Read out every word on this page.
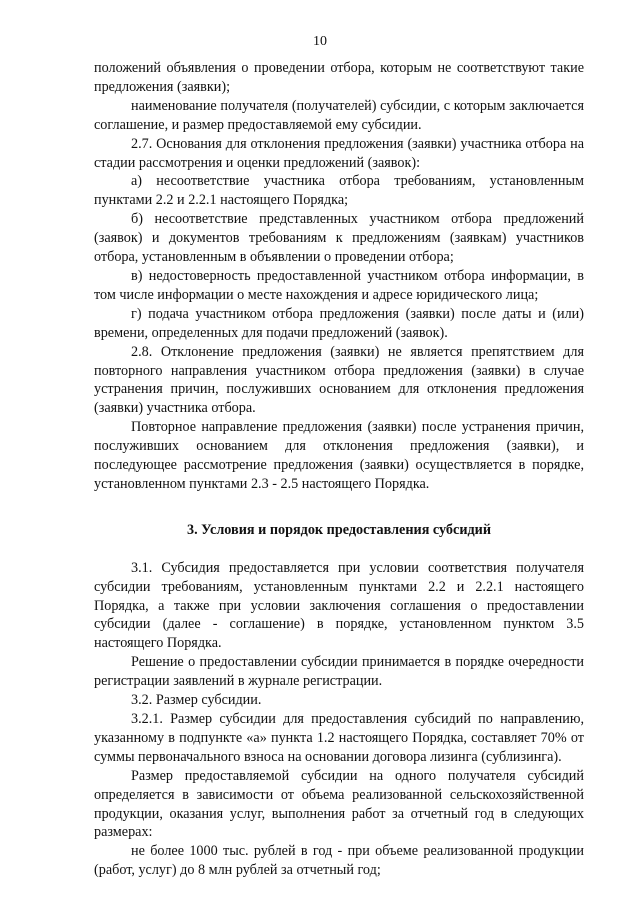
10

положений объявления о проведении отбора, которым не соответствуют такие предложения (заявки);

наименование получателя (получателей) субсидии, с которым заключается соглашение, и размер предоставляемой ему субсидии.

2.7. Основания для отклонения предложения (заявки) участника отбора на стадии рассмотрения и оценки предложений (заявок):

а) несоответствие участника отбора требованиям, установленным пунктами 2.2 и 2.2.1 настоящего Порядка;

б) несоответствие представленных участником отбора предложений (заявок) и документов требованиям к предложениям (заявкам) участников отбора, установленным в объявлении о проведении отбора;

в) недостоверность предоставленной участником отбора информации, в том числе информации о месте нахождения и адресе юридического лица;

г) подача участником отбора предложения (заявки) после даты и (или) времени, определенных для подачи предложений (заявок).

2.8. Отклонение предложения (заявки) не является препятствием для повторного направления участником отбора предложения (заявки) в случае устранения причин, послуживших основанием для отклонения предложения (заявки) участника отбора.

Повторное направление предложения (заявки) после устранения причин, послуживших основанием для отклонения предложения (заявки), и последующее рассмотрение предложения (заявки) осуществляется в порядке, установленном пунктами 2.3 - 2.5 настоящего Порядка.

3. Условия и порядок предоставления субсидий

3.1. Субсидия предоставляется при условии соответствия получателя субсидии требованиям, установленным пунктами 2.2 и 2.2.1 настоящего Порядка, а также при условии заключения соглашения о предоставлении субсидии (далее - соглашение) в порядке, установленном пунктом 3.5 настоящего Порядка.

Решение о предоставлении субсидии принимается в порядке очередности регистрации заявлений в журнале регистрации.

3.2. Размер субсидии.

3.2.1. Размер субсидии для предоставления субсидий по направлению, указанному в подпункте «а» пункта 1.2 настоящего Порядка, составляет 70% от суммы первоначального взноса на основании договора лизинга (сублизинга).

Размер предоставляемой субсидии на одного получателя субсидий определяется в зависимости от объема реализованной сельскохозяйственной продукции, оказания услуг, выполнения работ за отчетный год в следующих размерах:

не более 1000 тыс. рублей в год - при объеме реализованной продукции (работ, услуг) до 8 млн рублей за отчетный год;
